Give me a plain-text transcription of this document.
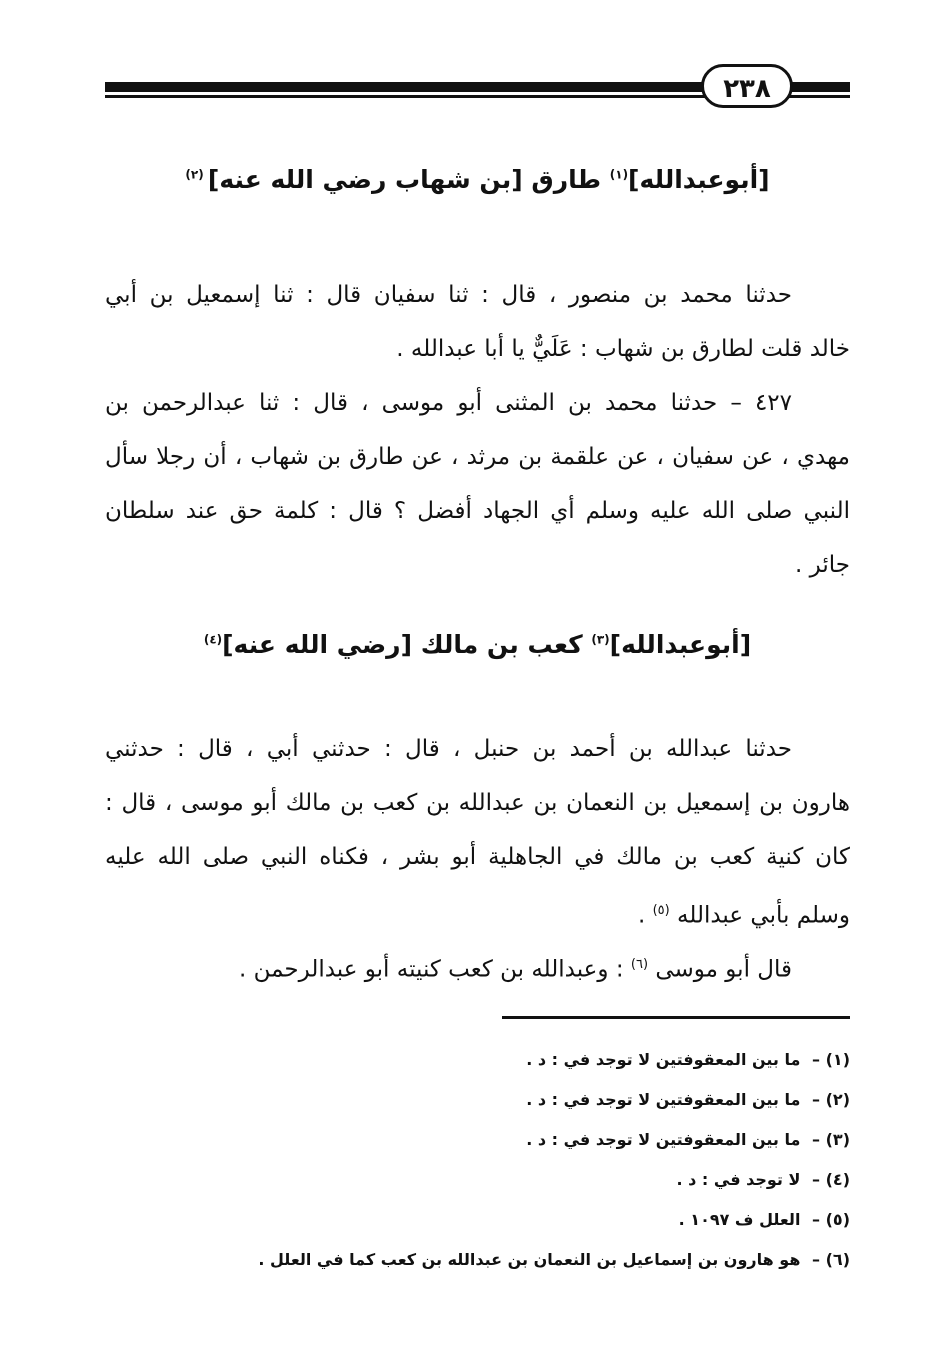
٢٣٨
[أبوعبدالله]$^{(١)}$ طارق [بن شهاب رضي الله عنه] $^{(٢)}$
حدثنا محمد بن منصور ، قال : ثنا سفيان قال : ثنا إسمعيل بن أبي
خالد قلت لطارق بن شهاب : عَلَيٌّ يا أبا عبدالله .
٤٢٧ – حدثنا محمد بن المثنى أبو موسى ، قال : ثنا عبدالرحمن بن
مهدي ، عن سفيان ، عن علقمة بن مرثد ، عن طارق بن شهاب ، أن رجلا سأل
النبي صلى الله عليه وسلم أي الجهاد أفضل ؟ قال : كلمة حق عند سلطان
جائر .
[أبوعبدالله]$^{(٣)}$ كعب بن مالك [رضي الله عنه]$^{(٤)}$
حدثنا عبدالله بن أحمد بن حنبل ، قال : حدثني أبي ، قال : حدثني
هارون بن إسمعيل بن النعمان بن عبدالله بن كعب بن مالك أبو موسى ، قال :
كان كنية كعب بن مالك في الجاهلية أبو بشر ، فكناه النبي صلى الله عليه
وسلم بأبي عبدالله $^{(٥)}$ .
قال أبو موسى $^{(٦)}$ : وعبدالله بن كعب كنيته أبو عبدالرحمن .
(١) – ما بين المعقوفتين لا توجد في : د .
(٢) – ما بين المعقوفتين لا توجد في : د .
(٣) – ما بين المعقوفتين لا توجد في : د .
(٤) – لا توجد في : د .
(٥) – العلل ف ١٠٩٧ .
(٦) – هو هارون بن إسماعيل بن النعمان بن عبدالله بن كعب كما في العلل .
